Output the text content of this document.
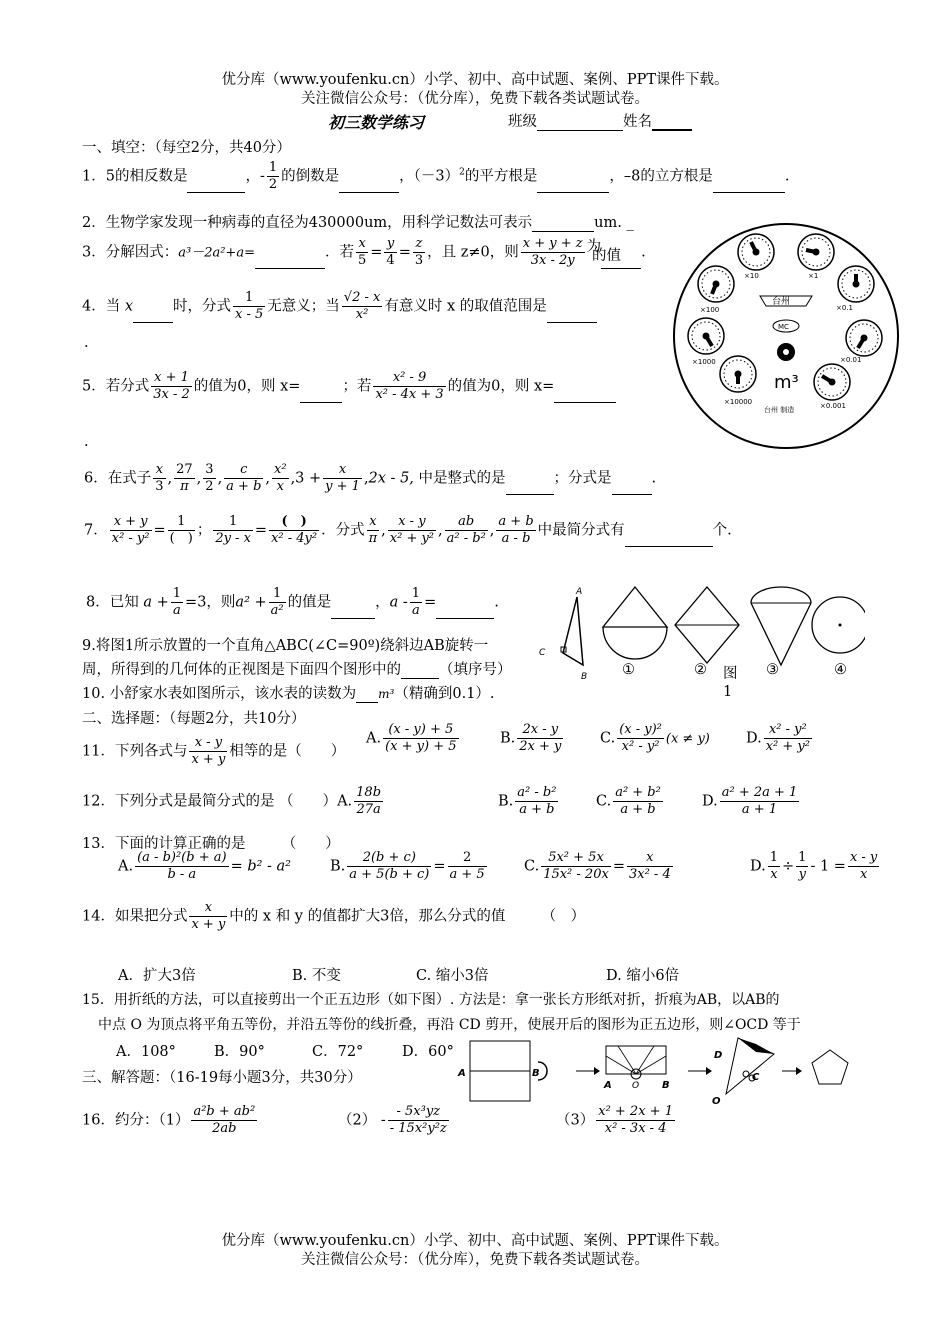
优分库（www.youfenku.cn）小学、初中、高中试题、案例、PPT课件下载。
关注微信公众号：（优分库），免费下载各类试题试卷。
初三数学练习	班级	姓名
一、填空：（每空2分，共40分）
1．5的相反数是	，- $\frac{1}{2}$ 的倒数是	，$(-3)^2$的平方根是	，–8的立方根是	.
2．生物学家发现一种病毒的直径为430000um，用科学记数法可表示	um. _
3．分解因式：a³－2a²+a=	．若 $\frac{x}{5} = \frac{y}{4} = \frac{z}{3}$ ，且 z≠0，则 $\frac{x + y + z}{3x - 2y}$ 为	.
的值
4．当 x	时，分式 $\frac{1}{x - 5}$ 无意义；当 $\frac{√2 - x}{\text{x²}}$ 有意义时 x 的取值范围是
.
5．若分式 $\frac{x + 1}{3x - 2}$ 的值为0，则 x=	；若 $\frac{\text{x² - 9}}{\text{x² - 4x + 3}}$ 的值为0，则 x=
.
6．在式子 $\frac{x}{3}$ , $\frac{27}{\pi}$ , $\frac{3}{2}$ , $\frac{c}{a + b}$ , $\frac{\text{x²}}{x} ,3 + \frac{x}{y + 1} ,2x - 5$, 中是整式的是	；分式是	.
7． $\frac{x + y}{\text{x² - y²}} = \frac{1}{( )}$ ； $\frac{1}{2y - x} = \frac{( )}{\text{x² - 4y²}}$ ．分式 $\frac{x}{\pi}$ , $\frac{x - y}{\text{x² + y²}}$ , $\frac{ab}{\text{a² - b²}}$ , $\frac{a + b}{a - b}$ 中最简分式有	个.
8．已知 $a + \frac{1}{a} =3$，则$a^2 + \frac{1}{\text{a²}}$ 的值是	，a - $\frac{1}{a}$ =	.
9.将图1所示放置的一个直角△ABC(∠C=90º)绕斜边AB旋转一
周，所得到的几何体的正视图是下面四个图形中的	（填序号）
10. 小舒家水表如图所示，该水表的读数为 m³（精确到0.1）.
A
C
B ①	②	③	④
图1
×10	×1
×0.1
×0.01
×0.001
×10000
×1000
×100
台州
MC
m³
台州 制造
二、选择题：（每题2分，共10分）
11．下列各式与 $\frac{x - y}{x + y}$ 相等的是（　　）
A. $\frac{(x - y) + 5}{(x + y) + 5}$	B. $\frac{2x - y}{2x + y}$	C. $\frac{\text{(x - y)²}}{\text{x² - y²}} (x \ne y)$ D. $\frac{\text{x² - y²}}{\text{x² + y²}}$
12．下列分式是最简分式的是 （　　）A. $\frac{18b}{27a}$	B. $\frac{\text{a² - b²}}{a + b}$	C. $\frac{\text{a² + b²}}{a + b}$	D. $\frac{\text{a² + 2a + 1}}{a + 1}$
13．下面的计算正确的是　　　（　　）
A. $\frac{\text{(a - b)²(b + a)}}{b - a} = b^2 - a^2$	B. $\frac{2(b + c)}{a + 5(b + c)} = \frac{2}{a + 5}$	C. $\frac{\text{5x² + 5x}}{\text{15x² - 20x}} = \frac{x}{\text{3x² - 4}}$	D. $\frac{1}{x} \div \frac{1}{y} - 1 = \frac{x - y}{x}$
14．如果把分式 $\frac{x}{x + y}$ 中的 x 和 y 的值都扩大3倍，那么分式的值　　　	（　）
A．扩大3倍	B. 不变	C. 缩小3倍	D. 缩小6倍
15．用折纸的方法，可以直接剪出一个正五边形（如下图）. 方法是：拿一张长方形纸对折，折痕为AB，以AB的
中点 O 为顶点将平角五等份，并沿五等份的线折叠，再沿 CD 剪开，使展开后的图形为正五边形，则∠OCD 等于
A．108°	B．90°	C．72°	D．60°
A	B
A O B
D
C
O
三、解答题：（16-19每小题3分，共30分）
16．约分：$(1) \frac{\text{a²b + ab²}}{2ab}$	$(2) - \frac{\text{- 5x³yz}}{\text{- 15x²y²z}}$	$(3) \frac{\text{x² + 2x + 1}}{\text{x² - 3x - 4}}$
优分库（www.youfenku.cn）小学、初中、高中试题、案例、PPT课件下载。
关注微信公众号：（优分库），免费下载各类试题试卷。
